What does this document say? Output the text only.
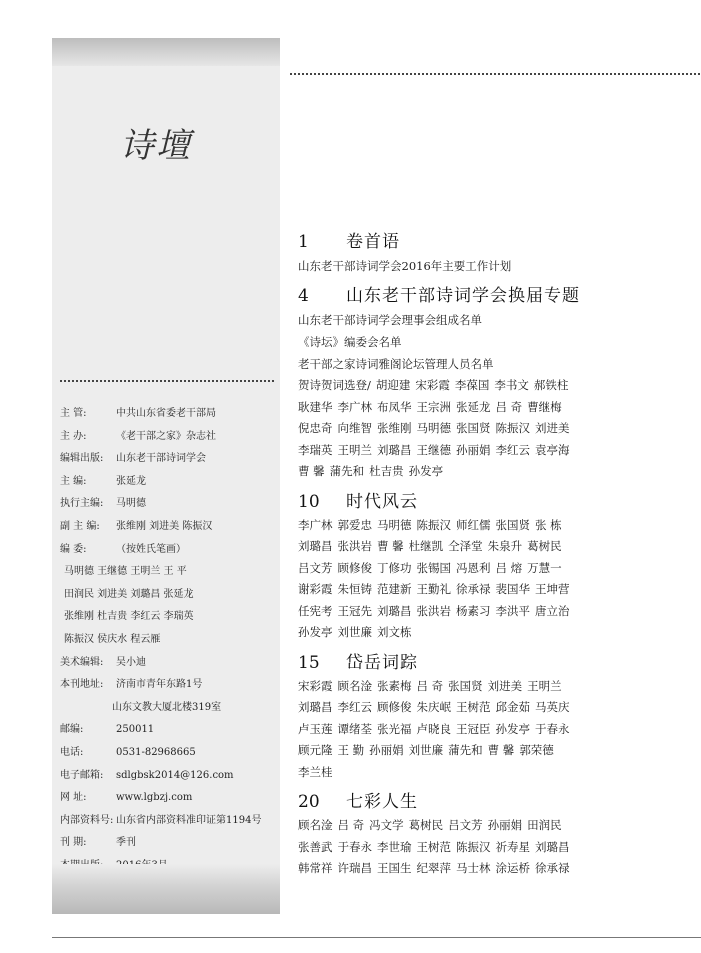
诗壇
主 管:	中共山东省委老干部局
主 办:	《老干部之家》杂志社
编辑出版:	山东老干部诗词学会
主 编:	张延龙
执行主编:	马明德
副 主 编:	张维刚 刘进美 陈振汉
编 委:	（按姓氏笔画）
马明德 王继德 王明兰 王 平
田润民 刘进美 刘璐昌 张延龙
张维刚 杜吉贵 李红云 李瑞英
陈振汉 侯庆水 程云雁
美术编辑:	吴小迪
本刊地址:	济南市青年东路1号
山东文教大厦北楼319室
邮编:	250011
电话:	0531-82968665
电子邮箱:	sdlgbsk2014@126.com
网 址:	www.lgbzj.com
内部资料号: 山东省内部资料准印证第1194号
刊 期:	季刊
1	卷首语
山东老干部诗词学会2016年主要工作计划
4	山东老干部诗词学会换届专题
山东老干部诗词学会理事会组成名单
《诗坛》编委会名单
老干部之家诗词雅阁论坛管理人员名单
贺诗贺词选登/ 胡迎建 宋彩霞 李葆国 李书文 郝铁柱
耿建华 李广林 布凤华 王宗洲 张延龙 吕 奇 曹继梅
倪忠奇 向维智 张维刚 马明德 张国贤 陈振汉 刘进美
李瑞英 王明兰 刘璐昌 王继德 孙丽娟 李红云 袁亭海
曹 馨 蒲先和 杜吉贵 孙发亭
10	时代风云
李广林 郭爱忠 马明德 陈振汉 师红儒 张国贤 张 栋
刘璐昌 张洪岩 曹 馨 杜继凯 仝泽堂 朱泉升 葛树民
吕文芳 顾修俊 丁修功 张锡国 冯恩利 吕 熔 万慧一
谢彩霞 朱恒铸 范建新 王勤礼 徐承禄 裴国华 王坤营
任宪考 王冠先 刘璐昌 张洪岩 杨素习 李洪平 唐立治
孙发亭 刘世廉 刘文栋
15	岱岳词踪
宋彩霞 顾名淦 张素梅 吕 奇 张国贤 刘进美 王明兰
刘璐昌 李红云 顾修俊 朱庆岷 王树范 邱金茹 马英庆
卢玉莲 谭绪荃 张光福 卢晓良 王冠臣 孙发亭 于春永
顾元隆 王 勤 孙丽娟 刘世廉 蒲先和 曹 馨 郭荣德
李兰桂
20	七彩人生
顾名淦 吕 奇 冯文学 葛树民 吕文芳 孙丽娟 田润民
张善武 于春永 李世瑜 王树范 陈振汉 祈寿星 刘璐昌
韩常祥 许瑞昌 王国生 纪翠萍 马士林 涂运桥 徐承禄
